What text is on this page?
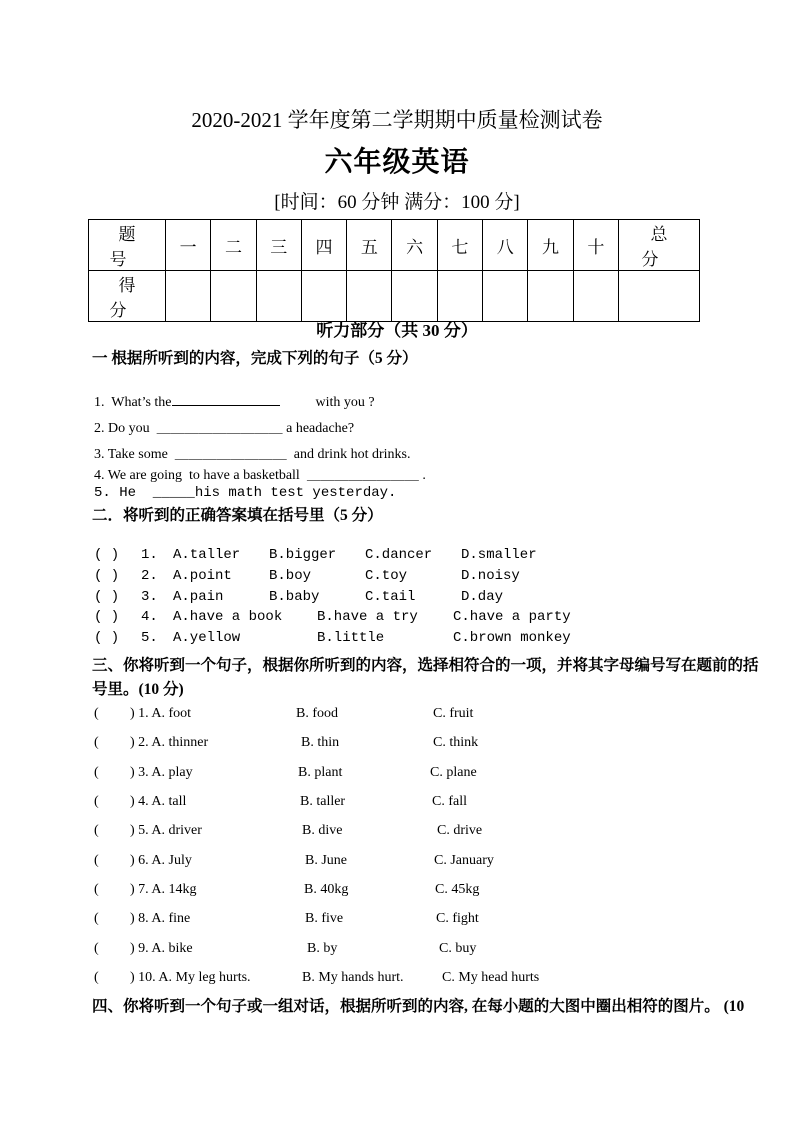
2020-2021 学年度第二学期期中质量检测试卷
六年级英语
[时间：60 分钟 满分：100 分]
题 号	一	二	三	四	五	六	七	八	九	十	总 分
得 分											
听力部分（共 30 分）
一 根据所听到的内容，完成下列的句子（5 分）
1.  What’s the	with you ?
2. Do you  ＿＿＿＿＿＿＿＿＿ a headache?
3. Take some  ＿＿＿＿＿＿＿＿  and drink hot drinks.
4. We are going  to have a basketball  ＿＿＿＿＿＿＿＿ .
5. He  _____his math test yesterday.
二．将听到的正确答案填在括号里（5 分）
( ) 1. A.taller B.bigger C.dancer D.smaller
( ) 2. A.point	B.boy	C.toy	D.noisy
( ) 3. A.pain	B.baby	C.tail	D.day
( ) 4. A.have a book B.have a try	C.have a party
( ) 5. A.yellow	B.little	C.brown monkey
三、你将听到一个句子，根据你所听到的内容，选择相符合的一项，并将其字母编号写在题前的括
号里。(10 分)
( ) 1. A. foot	B. food	C. fruit
( ) 2. A. thinner	B. thin	C. think
( ) 3. A. play	B. plant	C. plane
( ) 4. A. tall	B. taller	C. fall
( ) 5. A. driver	B. dive	C. drive
( ) 6. A. July	B. June	C. January
( ) 7. A. 14kg	B. 40kg	C. 45kg
( ) 8. A. fine	B. five	C. fight
( ) 9. A. bike	B. by	C. buy
( ) 10. A. My leg hurts.	B. My hands hurt.	C. My head hurts
四、你将听到一个句子或一组对话，根据所听到的内容, 在每小题的大图中圈出相符的图片。 (10
